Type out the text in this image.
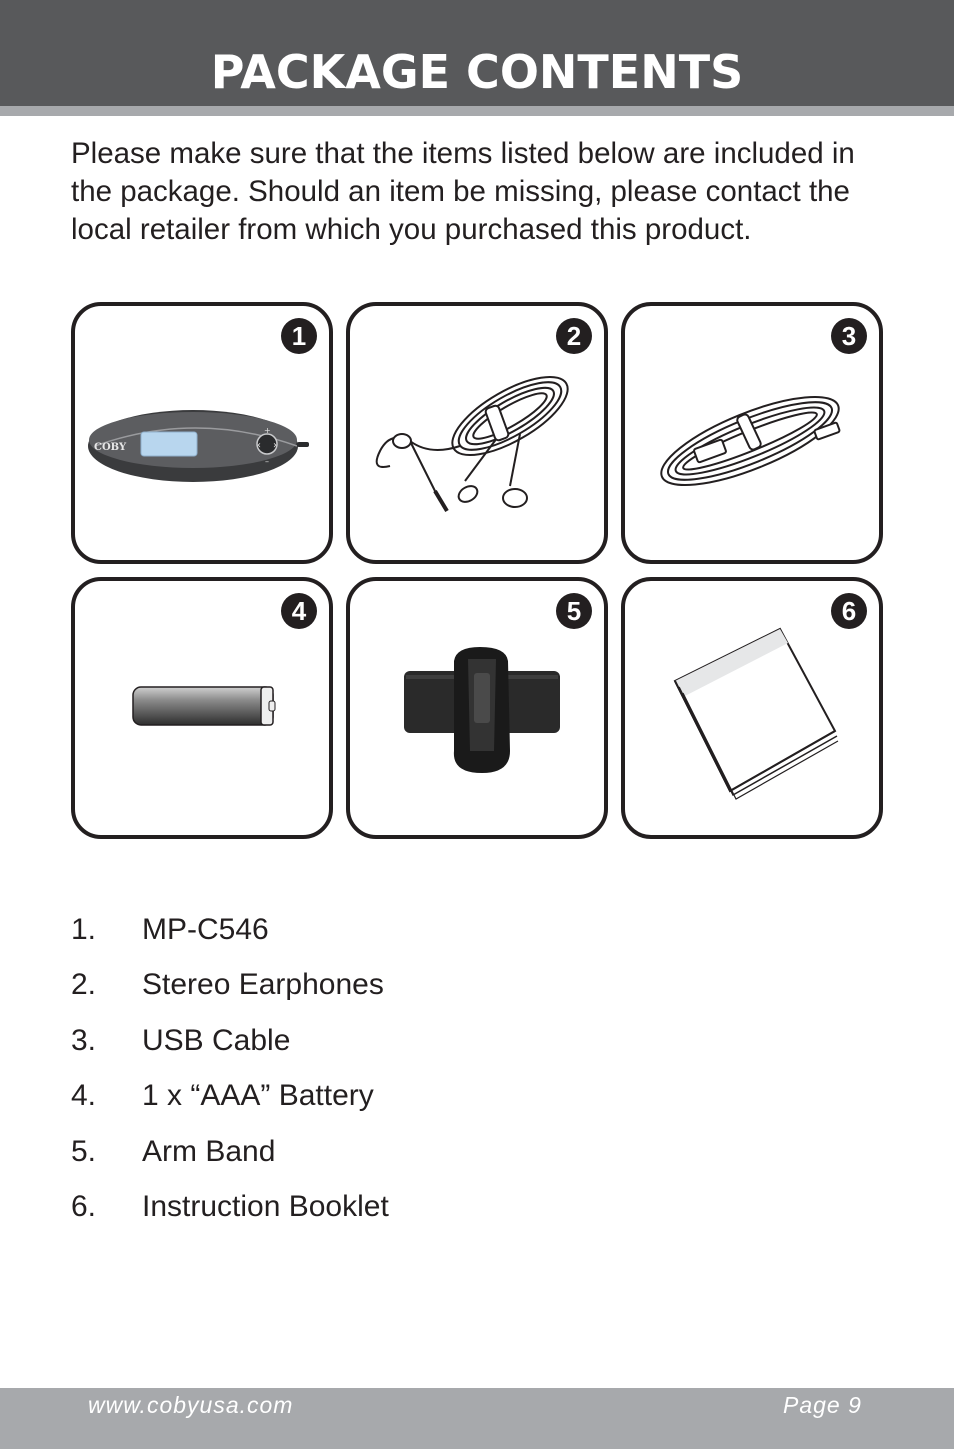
PACKAGE CONTENTS

Please make sure that the items listed below are included in the package. Should an item be missing, please contact the local retailer from which you purchased this product.

‹ ›
+
–
COBY
1	2	3
4	5	6
1.	MP-C546
2.	Stereo Earphones
3.	USB Cable
4.	1 x “AAA” Battery
5.	Arm Band
6.	Instruction Booklet
www.cobyusa.com	Page 9
